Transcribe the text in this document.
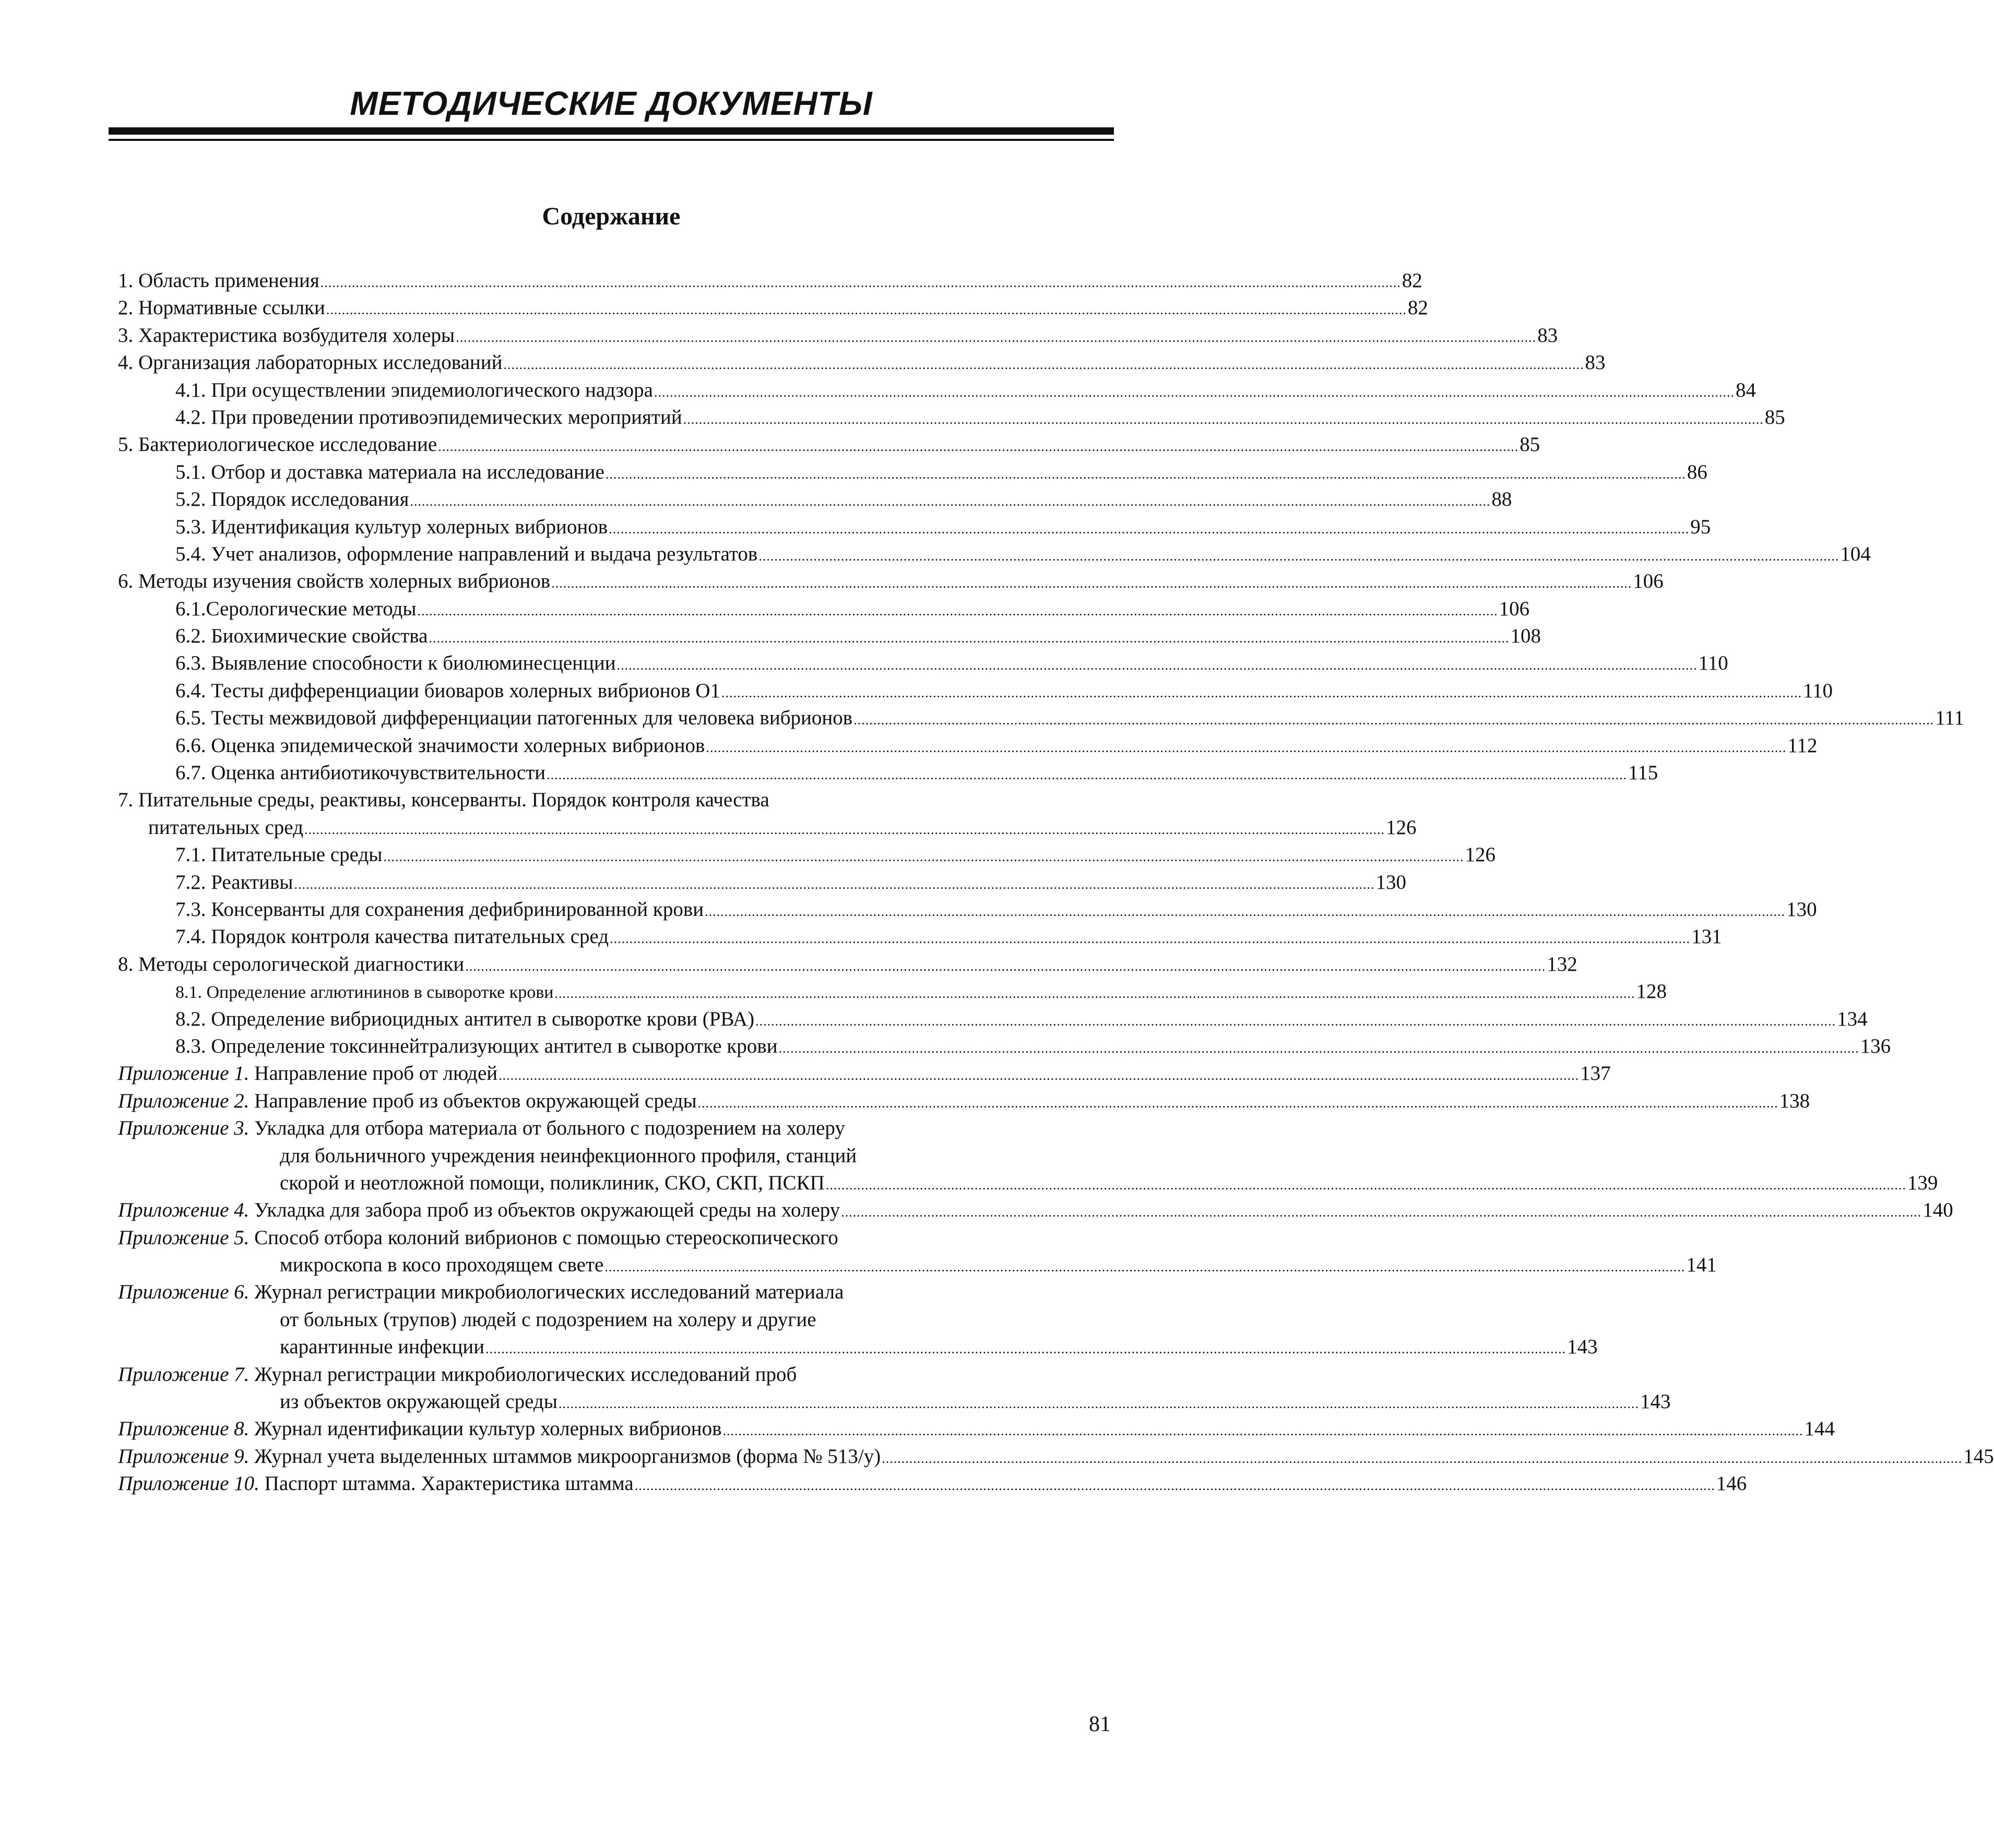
МЕТОДИЧЕСКИЕ ДОКУМЕНТЫ
Содержание
1. Область применения .................................................................................................................................................................................................................................................................................... 82
2. Нормативные ссылки .................................................................................................................................................................................................................................................................................... 82
3. Характеристика возбудителя холеры .................................................................................................................................................................................................................................................................................... 83
4. Организация лабораторных исследований .................................................................................................................................................................................................................................................................................... 83
4.1. При осуществлении эпидемиологического надзора .................................................................................................................................................................................................................................................................................... 84
4.2. При проведении противоэпидемических мероприятий .................................................................................................................................................................................................................................................................................... 85
5. Бактериологическое исследование .................................................................................................................................................................................................................................................................................... 85
5.1. Отбор и доставка материала на исследование .................................................................................................................................................................................................................................................................................... 86
5.2. Порядок исследования .................................................................................................................................................................................................................................................................................... 88
5.3. Идентификация культур холерных вибрионов .................................................................................................................................................................................................................................................................................... 95
5.4. Учет анализов, оформление направлений и выдача результатов .................................................................................................................................................................................................................................................................................... 104
6. Методы изучения свойств холерных вибрионов .................................................................................................................................................................................................................................................................................... 106
6.1.Серологические методы .................................................................................................................................................................................................................................................................................... 106
6.2. Биохимические свойства .................................................................................................................................................................................................................................................................................... 108
6.3. Выявление способности к биолюминесценции .................................................................................................................................................................................................................................................................................... 110
6.4. Тесты дифференциации биоваров холерных вибрионов O1 .................................................................................................................................................................................................................................................................................... 110
6.5. Тесты межвидовой дифференциации патогенных для человека вибрионов .................................................................................................................................................................................................................................................................................... 111
6.6. Оценка эпидемической значимости холерных вибрионов .................................................................................................................................................................................................................................................................................... 112
6.7. Оценка антибиотикочувствительности .................................................................................................................................................................................................................................................................................... 115
7. Питательные среды, реактивы, консерванты. Порядок контроля качества
питательных сред .................................................................................................................................................................................................................................................................................... 126
7.1. Питательные среды .................................................................................................................................................................................................................................................................................... 126
7.2. Реактивы .................................................................................................................................................................................................................................................................................... 130
7.3. Консерванты для сохранения дефибринированной крови .................................................................................................................................................................................................................................................................................... 130
7.4. Порядок контроля качества питательных сред .................................................................................................................................................................................................................................................................................... 131
8. Методы серологической диагностики .................................................................................................................................................................................................................................................................................... 132
8.1. Определение аглютининов в сыворотке крови .................................................................................................................................................................................................................................................................................... 128
8.2. Определение вибриоцидных антител в сыворотке крови (РВА) .................................................................................................................................................................................................................................................................................... 134
8.3. Определение токсиннейтрализующих антител в сыворотке крови .................................................................................................................................................................................................................................................................................... 136
Приложение 1. Направление проб от людей .................................................................................................................................................................................................................................................................................... 137
Приложение 2. Направление проб из объектов окружающей среды .................................................................................................................................................................................................................................................................................... 138
Приложение 3. Укладка для отбора материала от больного с подозрением на холеру
для больничного учреждения неинфекционного профиля, станций
скорой и неотложной помощи, поликлиник, СКО, СКП, ПСКП .................................................................................................................................................................................................................................................................................... 139
Приложение 4. Укладка для забора проб из объектов окружающей среды на холеру .................................................................................................................................................................................................................................................................................... 140
Приложение 5. Способ отбора колоний вибрионов с помощью стереоскопического
микроскопа в косо проходящем свете .................................................................................................................................................................................................................................................................................... 141
Приложение 6. Журнал регистрации микробиологических исследований материала
от больных (трупов) людей с подозрением на холеру и другие
карантинные инфекции .................................................................................................................................................................................................................................................................................... 143
Приложение 7. Журнал регистрации микробиологических исследований проб
из объектов окружающей среды .................................................................................................................................................................................................................................................................................... 143
Приложение 8. Журнал идентификации культур холерных вибрионов .................................................................................................................................................................................................................................................................................... 144
Приложение 9. Журнал учета выделенных штаммов микроорганизмов (форма № 513/у) .................................................................................................................................................................................................................................................................................... 145
Приложение 10. Паспорт штамма. Характеристика штамма .................................................................................................................................................................................................................................................................................... 146
81
